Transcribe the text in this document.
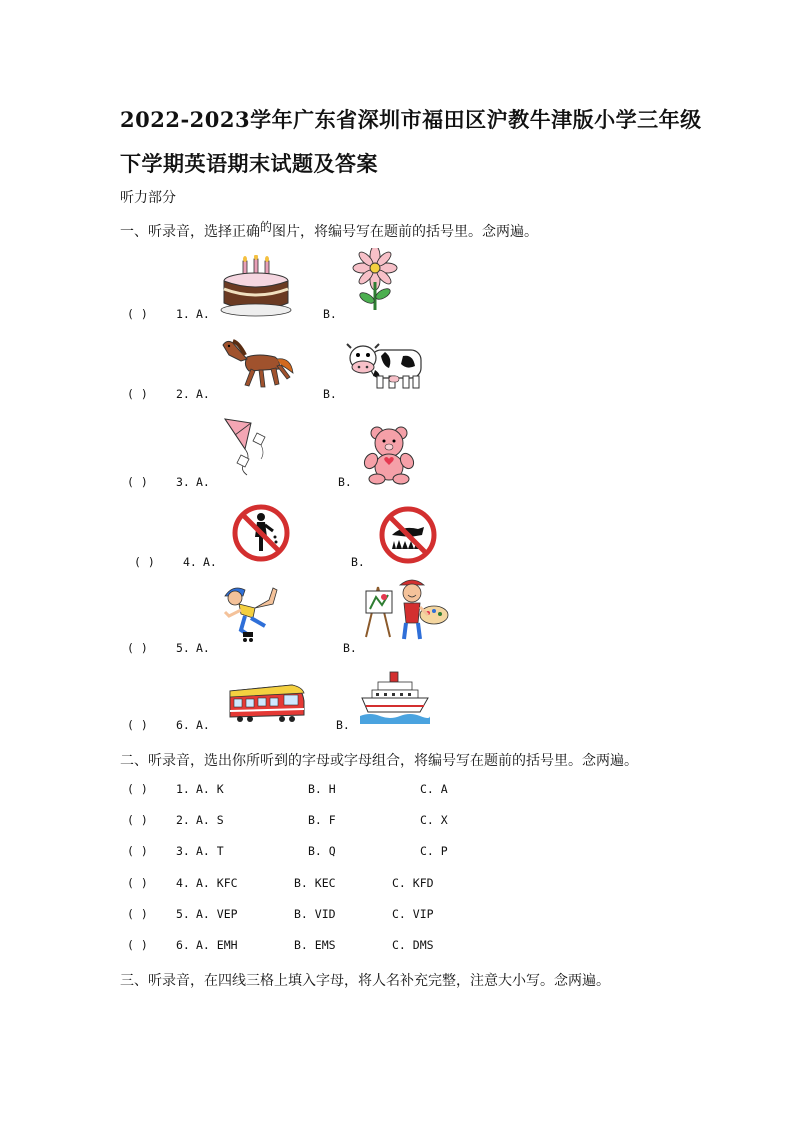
2022-2023学年广东省深圳市福田区沪教牛津版小学三年级
下学期英语期末试题及答案
听力部分
一、听录音，选择正确的图片，将编号写在题前的括号里。念两遍。
( ) 1. A.	B.
( ) 2. A.	B.
( ) 3. A.	B.
( ) 4. A.	B.
( ) 5. A.	B.
( ) 6. A.	B.
二、听录音，选出你所听到的字母或字母组合，将编号写在题前的括号里。念两遍。
( ) 1. A. K	B. H	C. A
( ) 2. A. S	B. F	C. X
( ) 3. A. T	B. Q	C. P
( ) 4. A. KFC	B. KEC	C. KFD
( ) 5. A. VEP	B. VID	C. VIP
( ) 6. A. EMH	B. EMS	C. DMS
三、听录音，在四线三格上填入字母，将人名补充完整，注意大小写。念两遍。
